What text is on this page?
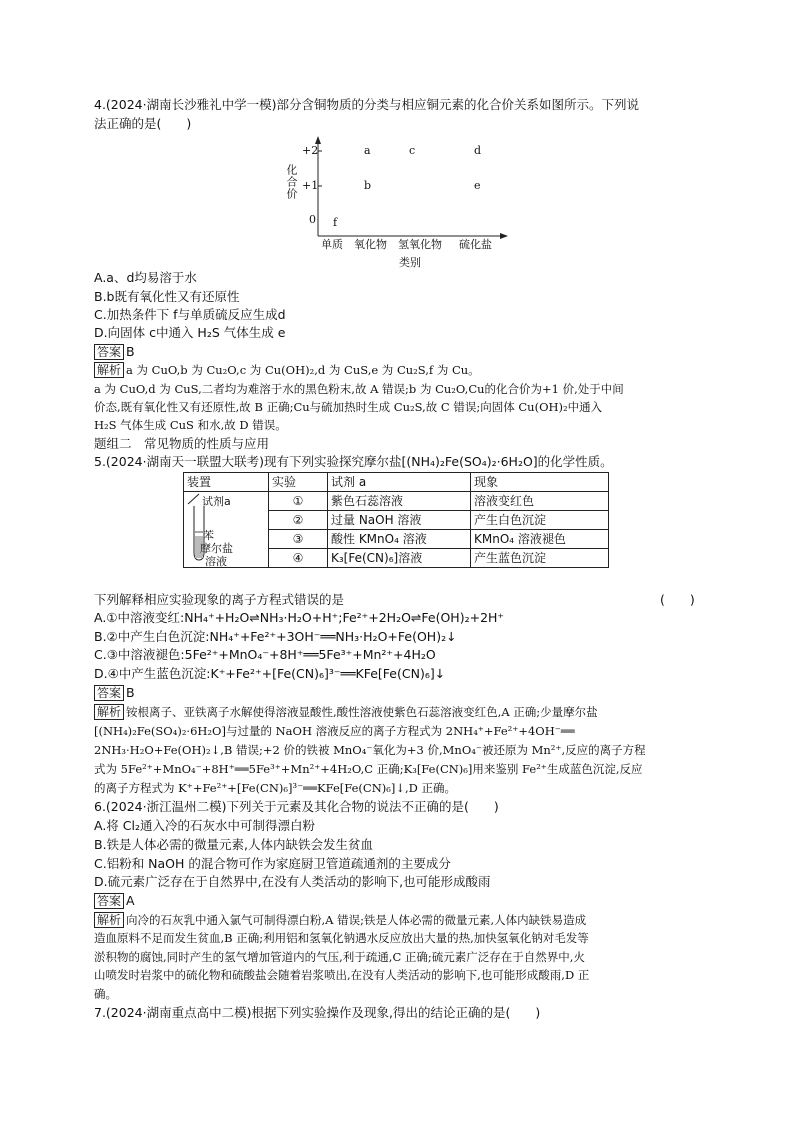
4.(2024·湖南长沙雅礼中学一模)部分含铜物质的分类与相应铜元素的化合价关系如图所示。下列说
法正确的是(　　)
化合价
+2
+1
0
a	c	d
b	e
f
单质 氧化物 氢氧化物 硫化盐
类别
A.a、d均易溶于水
B.b既有氧化性又有还原性
C.加热条件下 f与单质硫反应生成d
D.向固体 c中通入 H₂S 气体生成 e
答案 B
解析 a 为 CuO,b 为 Cu₂O,c 为 Cu(OH)₂,d 为 CuS,e 为 Cu₂S,f 为 Cu。
a 为 CuO,d 为 CuS,二者均为难溶于水的黑色粉末,故 A 错误;b 为 Cu₂O,Cu的化合价为+1 价,处于中间
价态,既有氧化性又有还原性,故 B 正确;Cu与硫加热时生成 Cu₂S,故 C 错误;向固体 Cu(OH)₂中通入
H₂S 气体生成 CuS 和水,故 D 错误。
题组二　常见物质的性质与应用
5.(2024·湖南天一联盟大联考)现有下列实验探究摩尔盐[(NH₄)₂Fe(SO₄)₂·6H₂O]的化学性质。
装置	实验	试剂 a	现象
	①	紫色石蕊溶液	溶液变红色
	②	过量 NaOH 溶液	产生白色沉淀
	③	酸性 KMnO₄ 溶液	KMnO₄ 溶液褪色
	④	K₃[Fe(CN)₆]溶液	产生蓝色沉淀
试剂a
苯
摩尔盐
溶液
下列解释相应实验现象的离子方程式错误的是	(　　)
A.①中溶液变红:NH₄⁺+H₂O⇌NH₃·H₂O+H⁺;Fe²⁺+2H₂O⇌Fe(OH)₂+2H⁺
B.②中产生白色沉淀:NH₄⁺+Fe²⁺+3OH⁻══NH₃·H₂O+Fe(OH)₂↓
C.③中溶液褪色:5Fe²⁺+MnO₄⁻+8H⁺══5Fe³⁺+Mn²⁺+4H₂O
D.④中产生蓝色沉淀:K⁺+Fe²⁺+[Fe(CN)₆]³⁻══KFe[Fe(CN)₆]↓
答案 B
解析 铵根离子、亚铁离子水解使得溶液显酸性,酸性溶液使紫色石蕊溶液变红色,A 正确;少量摩尔盐
[(NH₄)₂Fe(SO₄)₂·6H₂O]与过量的 NaOH 溶液反应的离子方程式为 2NH₄⁺+Fe²⁺+4OH⁻══
2NH₃·H₂O+Fe(OH)₂↓,B 错误;+2 价的铁被 MnO₄⁻氧化为+3 价,MnO₄⁻被还原为 Mn²⁺,反应的离子方程
式为 5Fe²⁺+MnO₄⁻+8H⁺══5Fe³⁺+Mn²⁺+4H₂O,C 正确;K₃[Fe(CN)₆]用来鉴别 Fe²⁺生成蓝色沉淀,反应
的离子方程式为 K⁺+Fe²⁺+[Fe(CN)₆]³⁻══KFe[Fe(CN)₆]↓,D 正确。
6.(2024·浙江温州二模)下列关于元素及其化合物的说法不正确的是(　　)
A.将 Cl₂通入冷的石灰水中可制得漂白粉
B.铁是人体必需的微量元素,人体内缺铁会发生贫血
C.铝粉和 NaOH 的混合物可作为家庭厨卫管道疏通剂的主要成分
D.硫元素广泛存在于自然界中,在没有人类活动的影响下,也可能形成酸雨
答案 A
解析 向冷的石灰乳中通入氯气可制得漂白粉,A 错误;铁是人体必需的微量元素,人体内缺铁易造成
造血原料不足而发生贫血,B 正确;利用铝和氢氧化钠遇水反应放出大量的热,加快氢氧化钠对毛发等
淤积物的腐蚀,同时产生的氢气增加管道内的气压,利于疏通,C 正确;硫元素广泛存在于自然界中,火
山喷发时岩浆中的硫化物和硫酸盐会随着岩浆喷出,在没有人类活动的影响下,也可能形成酸雨,D 正
确。
7.(2024·湖南重点高中二模)根据下列实验操作及现象,得出的结论正确的是(　　)
